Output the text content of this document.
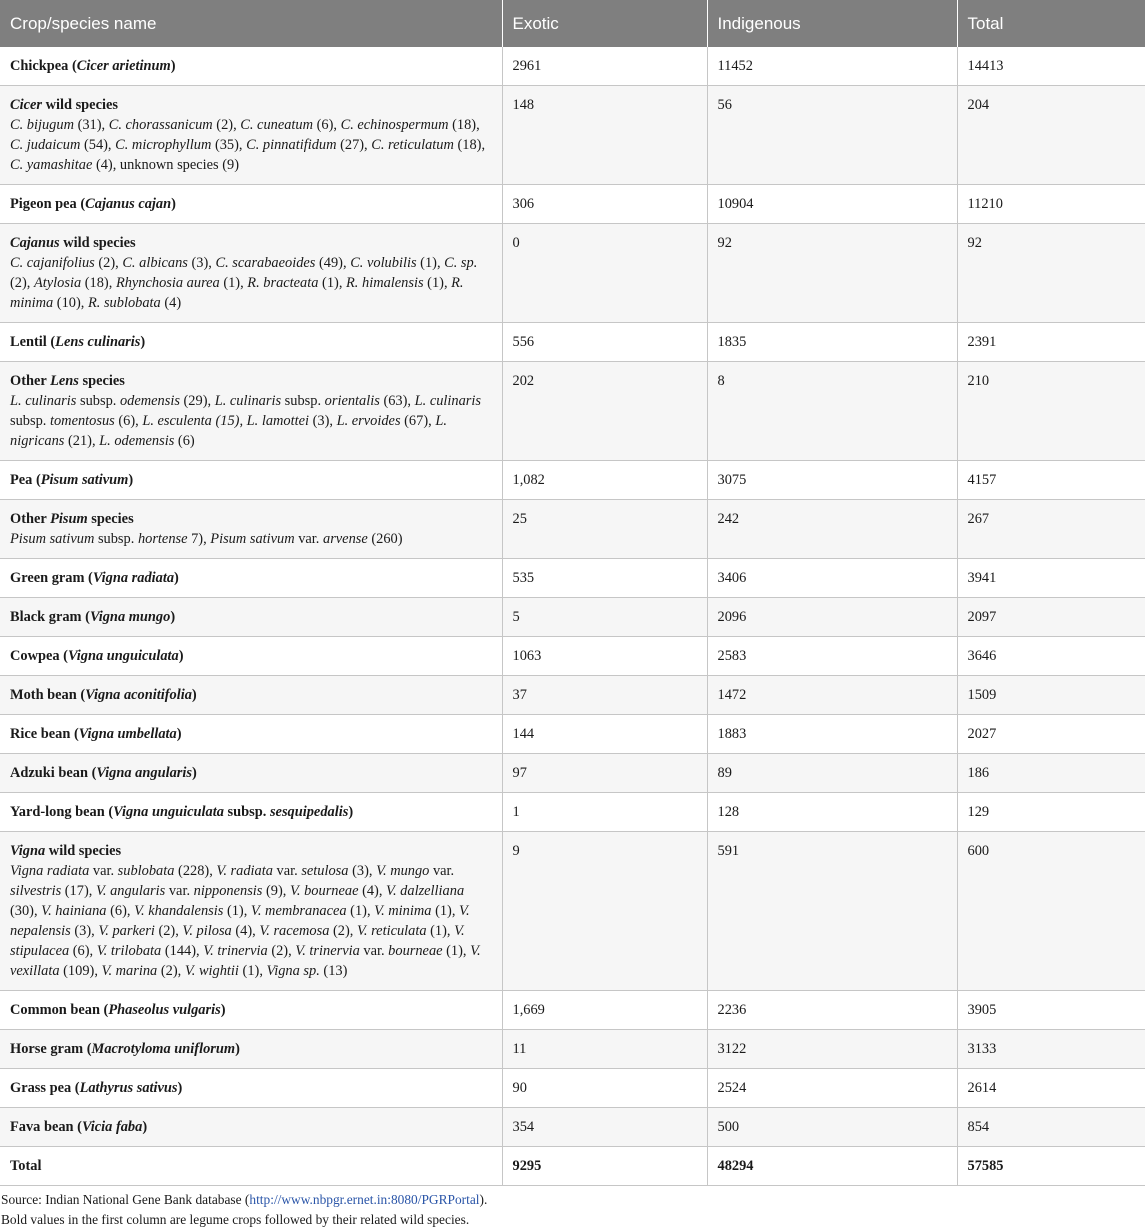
Crop/species name	Exotic	Indigenous	Total

Chickpea (Cicer arietinum)	2961	11452	14413

Cicer wild species
C. bijugum (31), C. chorassanicum (2), C. cuneatum (6), C. echinospermum (18), C. judaicum (54), C. microphyllum (35), C. pinnatifidum (27), C. reticulatum (18), C. yamashitae (4), unknown species (9)	148	56	204

Pigeon pea (Cajanus cajan)	306	10904	11210

Cajanus wild species
C. cajanifolius (2), C. albicans (3), C. scarabaeoides (49), C. volubilis (1), C. sp. (2), Atylosia (18), Rhynchosia aurea (1), R. bracteata (1), R. himalensis (1), R. minima (10), R. sublobata (4)	0	92	92

Lentil (Lens culinaris)	556	1835	2391

Other Lens species
L. culinaris subsp. odemensis (29), L. culinaris subsp. orientalis (63), L. culinaris subsp. tomentosus (6), L. esculenta (15), L. lamottei (3), L. ervoides (67), L. nigricans (21), L. odemensis (6)	202	8	210

Pea (Pisum sativum)	1,082	3075	4157

Other Pisum species
Pisum sativum subsp. hortense 7), Pisum sativum var. arvense (260)	25	242	267

Green gram (Vigna radiata)	535	3406	3941

Black gram (Vigna mungo)	5	2096	2097

Cowpea (Vigna unguiculata)	1063	2583	3646

Moth bean (Vigna aconitifolia)	37	1472	1509

Rice bean (Vigna umbellata)	144	1883	2027

Adzuki bean (Vigna angularis)	97	89	186

Yard-long bean (Vigna unguiculata subsp. sesquipedalis)	1	128	129

Vigna wild species
Vigna radiata var. sublobata (228), V. radiata var. setulosa (3), V. mungo var. silvestris (17), V. angularis var. nipponensis (9), V. bourneae (4), V. dalzelliana (30), V. hainiana (6), V. khandalensis (1), V. membranacea (1), V. minima (1), V. nepalensis (3), V. parkeri (2), V. pilosa (4), V. racemosa (2), V. reticulata (1), V. stipulacea (6), V. trilobata (144), V. trinervia (2), V. trinervia var. bourneae (1), V. vexillata (109), V. marina (2), V. wightii (1), Vigna sp. (13)	9	591	600

Common bean (Phaseolus vulgaris)	1,669	2236	3905

Horse gram (Macrotyloma uniflorum)	11	3122	3133

Grass pea (Lathyrus sativus)	90	2524	2614

Fava bean (Vicia faba)	354	500	854
Total	9295	48294	57585
Source: Indian National Gene Bank database (http://www.nbpgr.ernet.in:8080/PGRPortal).
Bold values in the first column are legume crops followed by their related wild species.
